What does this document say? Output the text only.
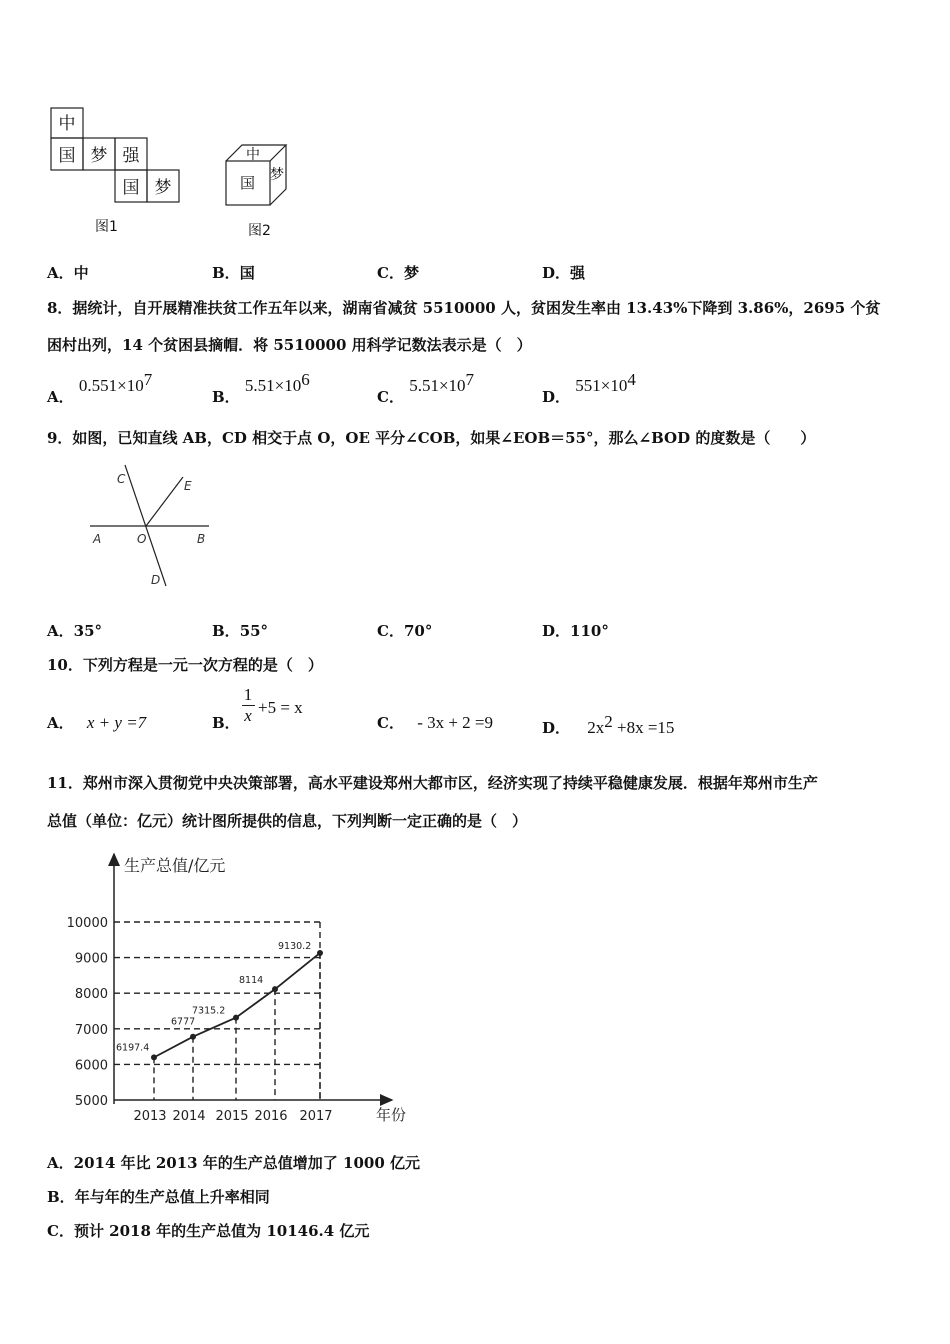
中
国 梦 强
国 梦
图1
中
国 梦
图2
A．中	B．国	C．梦	D．强
8．据统计，自开展精准扶贫工作五年以来，湖南省减贫 5510000 人，贫困发生率由 13.43%下降到 3.86%，2695 个贫
困村出列，14 个贫困县摘帽．将 5510000 用科学记数法表示是（　）
A． $0.551\times 10^7$
B． $5.51\times 10^6$
C． $5.51\times 10^7$
D． $551\times 10^4$
9．如图，已知直线 AB，CD 相交于点 O，OE 平分∠COB，如果∠EOB＝55°，那么∠BOD 的度数是（　　）
C	E
A	O	B
D
A．35°	B．55°	C．70°	D．110°
10．下列方程是一元一次方程的是（　）
A． x + y =7	B．
1
x +5 = x
C． - 3x + 2 =9	D． $2x^2 +8x =15$
11．郑州市深入贯彻党中央决策部署，高水平建设郑州大都市区，经济实现了持续平稳健康发展．根据年郑州市生产
总值（单位：亿元）统计图所提供的信息，下列判断一定正确的是（　）
生产总值/亿元
年份
5000
6000
7000
8000
9000
10000
2013 2014 2015 2016 2017
6197.4
6777
7315.2
8114
9130.2
A．2014 年比 2013 年的生产总值增加了 1000 亿元
B．年与年的生产总值上升率相同
C．预计 2018 年的生产总值为 10146.4 亿元
